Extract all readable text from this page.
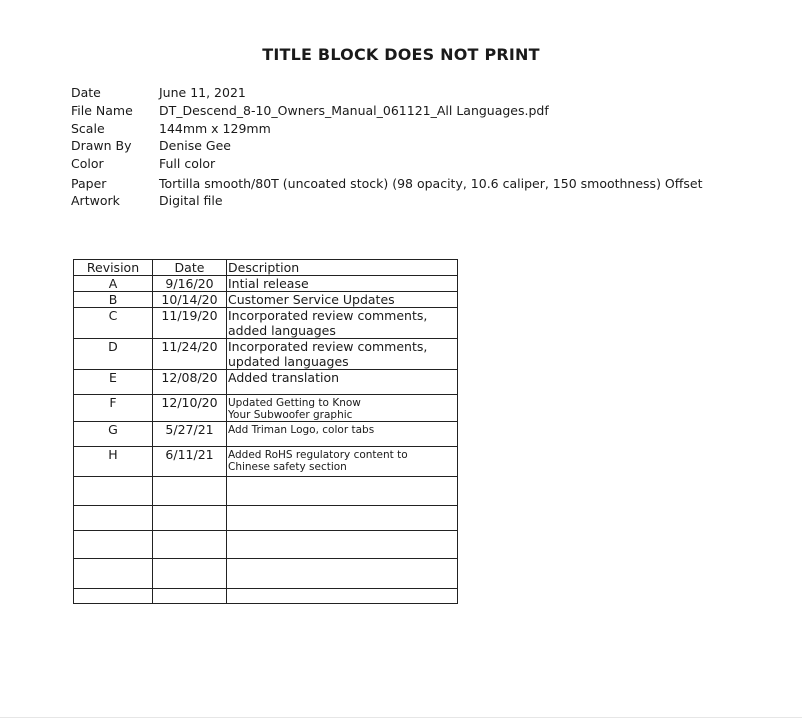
TITLE BLOCK DOES NOT PRINT
Date	June 11, 2021
File Name DT_Descend_8-10_Owners_Manual_061121_All Languages.pdf
Scale	144mm x 129mm
Drawn By Denise Gee
Color	Full color
Paper	Tortilla smooth/80T (uncoated stock) (98 opacity, 10.6 caliper, 150 smoothness) Offset
Artwork	Digital file
Revision	Date	Description
A	9/16/20	Intial release

B	10/14/20	Customer Service Updates

C	11/19/20	Incorporated review comments,
added languages

D	11/24/20	Incorporated review comments,
updated languages

E	12/08/20	Added translation

F	12/10/20	Updated Getting to Know
Your Subwoofer graphic

G	5/27/21	Add Triman Logo, color tabs

H	6/11/21	Added RoHS regulatory content to
Chinese safety section
